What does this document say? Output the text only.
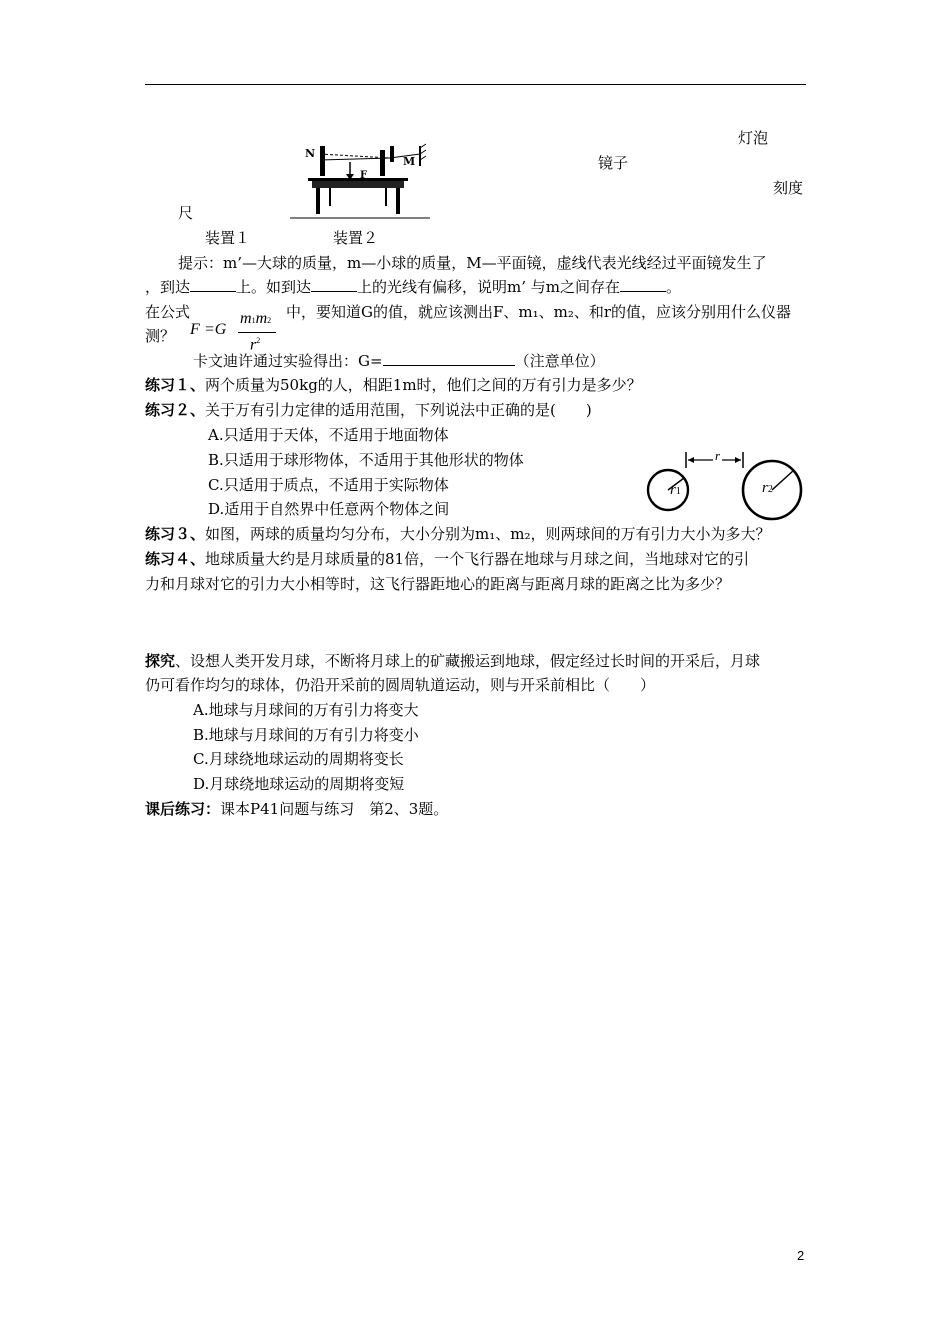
N
M
F
灯泡
镜子
刻度
尺
装置１	装置２
提示：m’—大球的质量，m—小球的质量，M—平面镜，虚线代表光线经过平面镜发生了
，到达	上。如到达	上的光线有偏移，说明m’ 与m之间存在	。
在公式	中，要知道G的值，就应该测出F、m₁、m₂、和r的值，应该分别用什么仪器
测？ F =G
m1m2
$r^2$
卡文迪许通过实验得出：G=	（注意单位）
练习１、两个质量为50kg的人，相距1m时，他们之间的万有引力是多少？
练习２、关于万有引力定律的适用范围，下列说法中正确的是(　　)
A.只适用于天体，不适用于地面物体
B.只适用于球形物体，不适用于其他形状的物体
C.只适用于质点，不适用于实际物体
D.适用于自然界中任意两个物体之间
r
r1	r2
练习３、如图，两球的质量均匀分布，大小分别为m₁、m₂，则两球间的万有引力大小为多大？
练习４、地球质量大约是月球质量的81倍，一个飞行器在地球与月球之间，当地球对它的引
力和月球对它的引力大小相等时，这飞行器距地心的距离与距离月球的距离之比为多少？
探究、设想人类开发月球，不断将月球上的矿藏搬运到地球，假定经过长时间的开采后，月球
仍可看作均匀的球体，仍沿开采前的圆周轨道运动，则与开采前相比（　　）
A.地球与月球间的万有引力将变大
B.地球与月球间的万有引力将变小
C.月球绕地球运动的周期将变长
D.月球绕地球运动的周期将变短
课后练习：课本P41问题与练习　第2、3题。
2
